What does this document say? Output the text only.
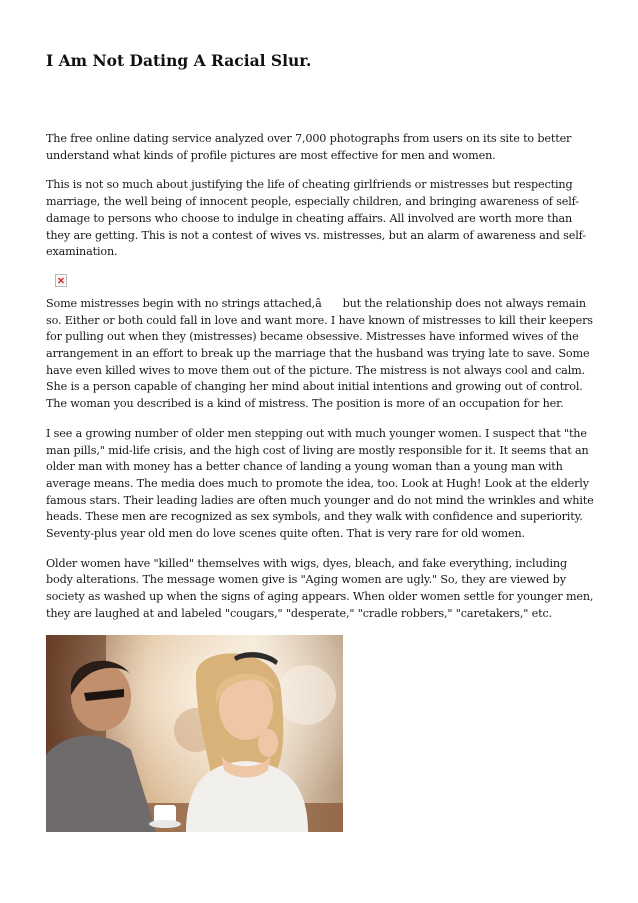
I Am Not Dating A Racial Slur.

The free online dating service analyzed over 7,000 photographs from users on its site to better understand what kinds of profile pictures are most effective for men and women.

This is not so much about justifying the life of cheating girlfriends or mistresses but respecting marriage, the well being of innocent people, especially children, and bringing awareness of self-damage to persons who choose to indulge in cheating affairs. All involved are worth more than they are getting. This is not a contest of wives vs. mistresses, but an alarm of awareness and self-examination.

Some mistresses begin with no strings attached,â but the relationship does not always remain so. Either or both could fall in love and want more. I have known of mistresses to kill their keepers for pulling out when they (mistresses) became obsessive. Mistresses have informed wives of the arrangement in an effort to break up the marriage that the husband was trying late to save. Some have even killed wives to move them out of the picture. The mistress is not always cool and calm. She is a person capable of changing her mind about initial intentions and growing out of control. The woman you described is a kind of mistress. The position is more of an occupation for her.

I see a growing number of older men stepping out with much younger women. I suspect that "the man pills," mid-life crisis, and the high cost of living are mostly responsible for it. It seems that an older man with money has a better chance of landing a young woman than a young man with average means. The media does much to promote the idea, too. Look at Hugh! Look at the elderly famous stars. Their leading ladies are often much younger and do not mind the wrinkles and white heads. These men are recognized as sex symbols, and they walk with confidence and superiority. Seventy-plus year old men do love scenes quite often. That is very rare for old women.

Older women have "killed" themselves with wigs, dyes, bleach, and fake everything, including body alterations. The message women give is "Aging women are ugly." So, they are viewed by society as washed up when the signs of aging appears. When older women settle for younger men, they are laughed at and labeled "cougars," "desperate," "cradle robbers," "caretakers," etc.
